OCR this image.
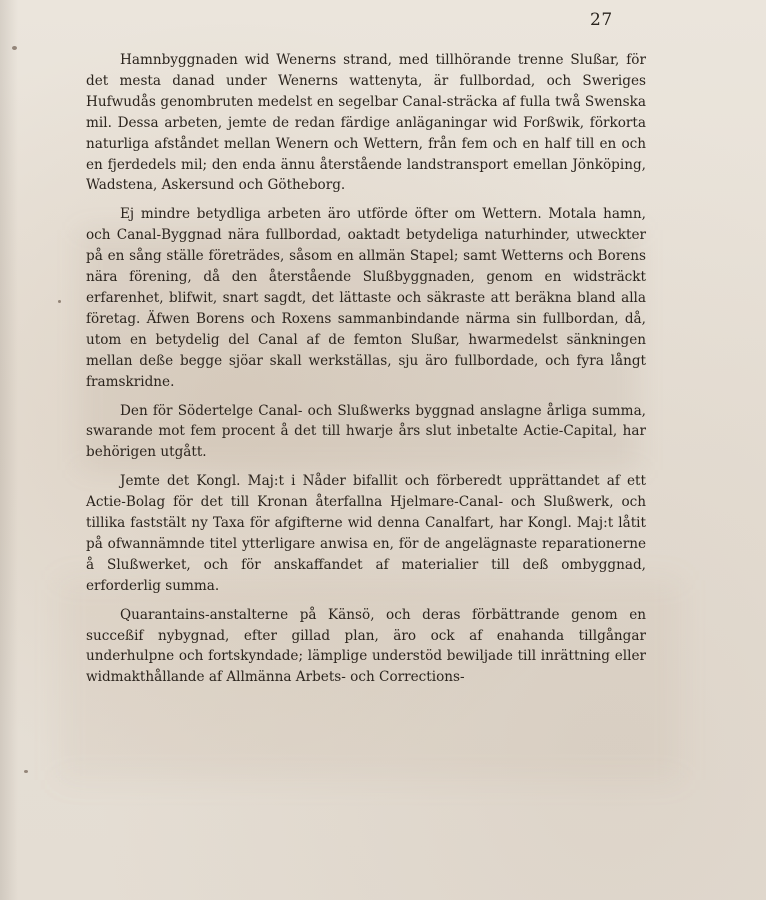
27

Hamnbyggnaden wid Wenerns strand, med tillhörande trenne Slußar, för det mesta danad under Wenerns wattenyta, är fullbordad, och Sweriges Hufwudås genombruten medelst en segelbar Canal-sträcka af fulla twå Swenska mil. Dessa arbeten, jemte de redan färdige anläganingar wid Forßwik, förkorta naturliga afståndet mellan Wenern och Wettern, från fem och en half till en och en fjerdedels mil; den enda ännu återstående landstransport emellan Jönköping, Wadstena, Askersund och Götheborg.

Ej mindre betydliga arbeten äro utförde öfter om Wettern. Motala hamn, och Canal-Byggnad nära fullbordad, oaktadt betydeliga naturhinder, utweckter på en sång ställe företrädes, såsom en allmän Stapel; samt Wetterns och Borens nära förening, då den återstående Slußbyggnaden, genom en widsträckt erfarenhet, blifwit, snart sagdt, det lättaste och säkraste att beräkna bland alla företag. Äfwen Borens och Roxens sammanbindande närma sin fullbordan, då, utom en betydelig del Canal af de femton Slußar, hwarmedelst sänkningen mellan deße begge sjöar skall werkställas, sju äro fullbordade, och fyra långt framskridne.

Den för Södertelge Canal- och Slußwerks byggnad anslagne årliga summa, swarande mot fem procent å det till hwarje års slut inbetalte Actie-Capital, har behörigen utgått.

Jemte det Kongl. Maj:t i Nåder bifallit och förberedt upprättandet af ett Actie-Bolag för det till Kronan återfallna Hjelmare-Canal- och Slußwerk, och tillika faststält ny Taxa för afgifterne wid denna Canalfart, har Kongl. Maj:t låtit på ofwannämnde titel ytterligare anwisa en, för de angelägnaste reparationerne å Slußwerket, och för anskaffandet af materialier till deß ombyggnad, erforderlig summa.

Quarantains-anstalterne på Känsö, och deras förbättrande genom en succeßif nybygnad, efter gillad plan, äro ock af enahanda tillgångar underhulpne och fortskyndade; lämplige understöd bewiljade till inrättning eller widmakthållande af Allmänna Arbets- och Corrections-
